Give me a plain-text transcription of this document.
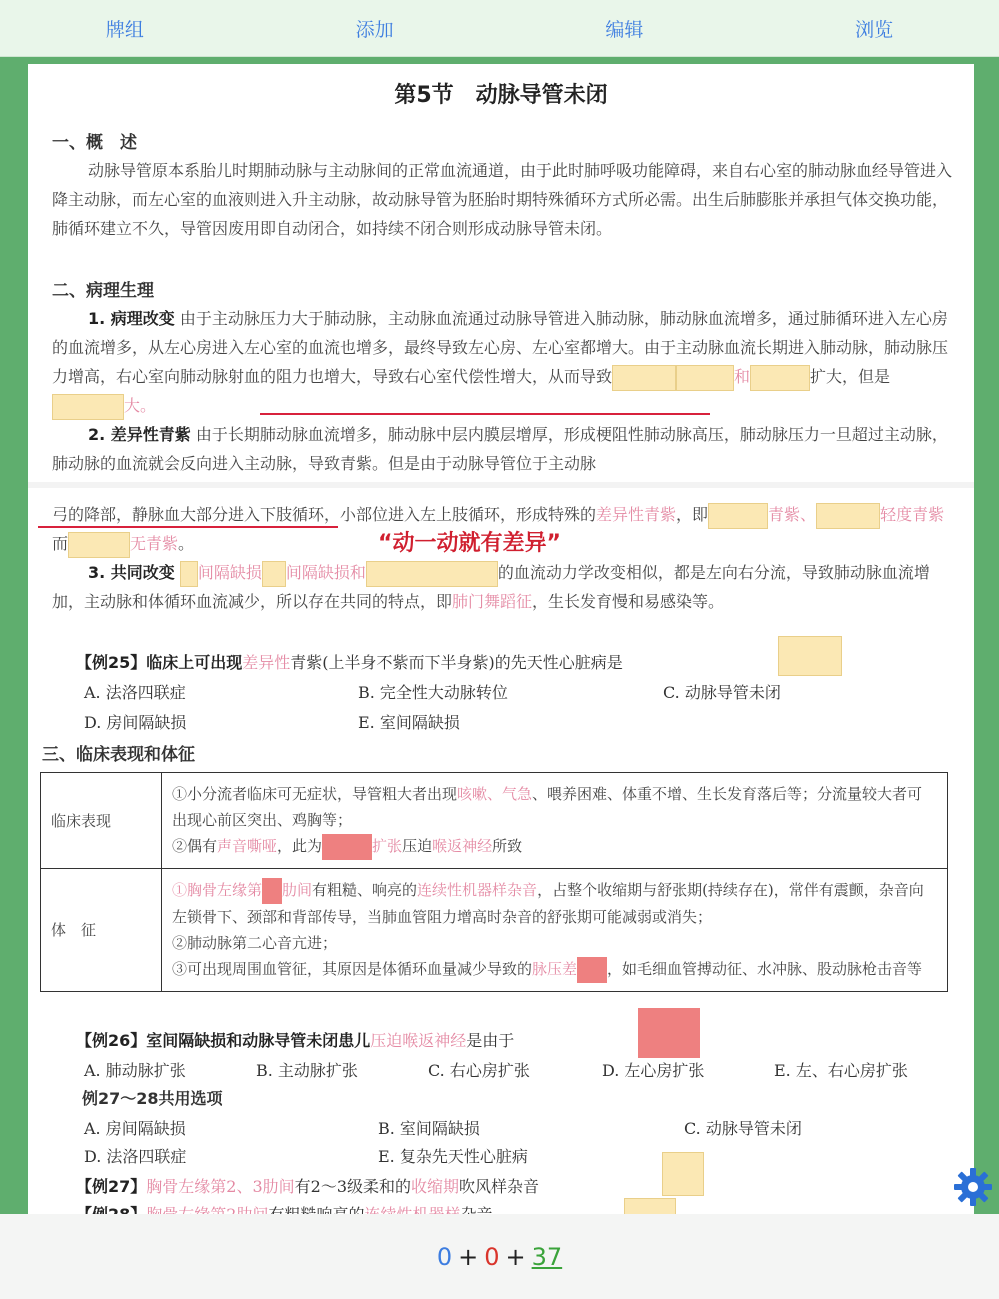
牌组	添加	编辑	浏览
第5节　动脉导管未闭
一、概　述

动脉导管原本系胎儿时期肺动脉与主动脉间的正常血流通道，由于此时肺呼吸功能障碍，来自右心室的肺动脉血经导管进入降主动脉，而左心室的血液则进入升主动脉，故动脉导管为胚胎时期特殊循环方式所必需。出生后肺膨胀并承担气体交换功能，肺循环建立不久，导管因废用即自动闭合，如持续不闭合则形成动脉导管未闭。

二、病理生理

1. 病理改变 由于主动脉压力大于肺动脉，主动脉血流通过动脉导管进入肺动脉，肺动脉血流增多，通过肺循环进入左心房的血流增多，从左心房进入左心室的血流也增多，最终导致左心房、左心室都增大。由于主动脉血流长期进入肺动脉，肺动脉压力增高，右心室向肺动脉射血的阻力也增大，导致右心室代偿性增大，从而导致	和	扩大，但是大。

2. 差异性青紫 由于长期肺动脉血流增多，肺动脉中层内膜层增厚，形成梗阻性肺动脉高压，肺动脉压力一旦超过主动脉，肺动脉的血流就会反向进入主动脉，导致青紫。但是由于动脉导管位于主动脉

弓的降部，静脉血大部分进入下肢循环，小部位进入左上肢循环，形成特殊的差异性青紫，即	青紫、	轻度青紫而	无青紫。	“动一动就有差异”

3. 共同改变 间隔缺损 间隔缺损和	的血流动力学改变相似，都是左向右分流，导致肺动脉血流增加，主动脉和体循环血流减少，所以存在共同的特点，即肺门舞蹈征，生长发育慢和易感染等。

【例25】临床上可出现差异性青紫(上半身不紫而下半身紫)的先天性心脏病是
A. 法洛四联症	B. 完全性大动脉转位	C. 动脉导管未闭
D. 房间隔缺损	E. 室间隔缺损
三、临床表现和体征
临床表现	①小分流者临床可无症状，导管粗大者出现咳嗽、气急、喂养困难、体重不增、生长发育落后等；分流量较大者可出现心前区突出、鸡胸等；
②偶有声音嘶哑，此为 扩张压迫喉返神经所致

体　征	①胸骨左缘第 肋间有粗糙、响亮的连续性机器样杂音，占整个收缩期与舒张期(持续存在)，常伴有震颤，杂音向左锁骨下、颈部和背部传导，当肺血管阻力增高时杂音的舒张期可能减弱或消失；
②肺动脉第二心音亢进；
③可出现周围血管征，其原因是体循环血量减少导致的脉压差 ，如毛细血管搏动征、水冲脉、股动脉枪击音等
【例26】室间隔缺损和动脉导管未闭患儿压迫喉返神经是由于
A. 肺动脉扩张	B. 主动脉扩张	C. 右心房扩张	D. 左心房扩张	E. 左、右心房扩张
例27～28共用选项
A. 房间隔缺损	B. 室间隔缺损	C. 动脉导管未闭
D. 法洛四联症	E. 复杂先天性心脏病
【例27】胸骨左缘第2、3肋间有2～3级柔和的收缩期吹风样杂音
0 + 0 + 37
